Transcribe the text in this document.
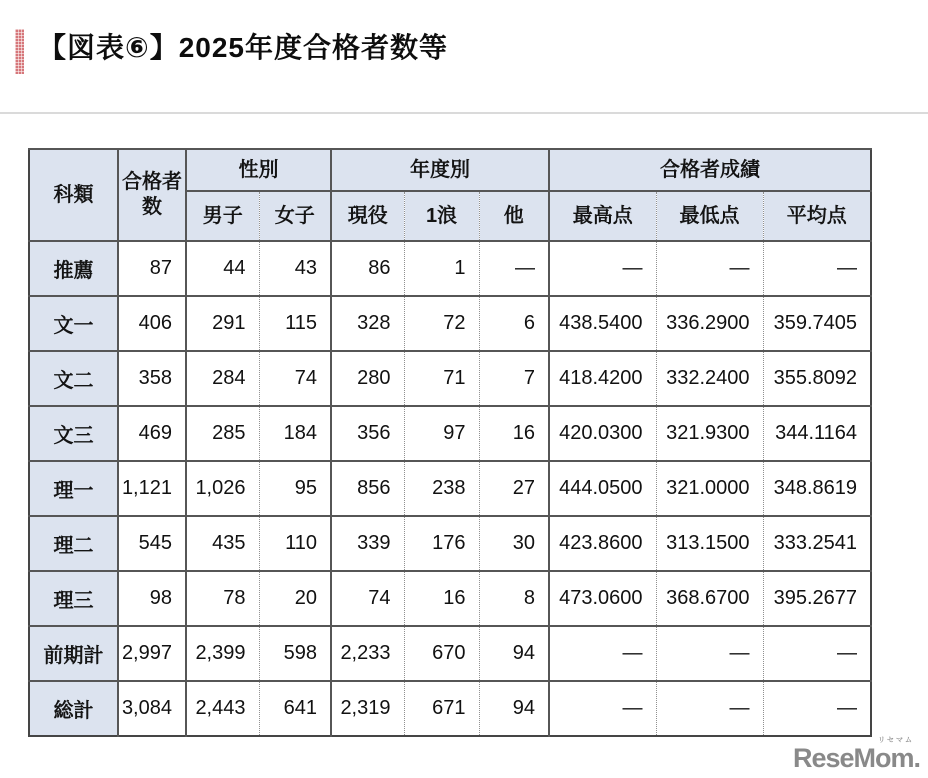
【図表⑥】2025年度合格者数等
科類	合格者数	性別		年度別			合格者成績		
		男子	女子	現役	1浪	他	最高点	最低点	平均点
推薦	87	44	43	86	1	—	—	—	—
文一	406	291	115	328	72	6	438.5400	336.2900	359.7405
文二	358	284	74	280	71	7	418.4200	332.2400	355.8092
文三	469	285	184	356	97	16	420.0300	321.9300	344.1164
理一	1,121	1,026	95	856	238	27	444.0500	321.0000	348.8619
理二	545	435	110	339	176	30	423.8600	313.1500	333.2541
理三	98	78	20	74	16	8	473.0600	368.6700	395.2677
前期計	2,997	2,399	598	2,233	670	94	—	—	—
総計	3,084	2,443	641	2,319	671	94	—	—	—
リセマム
ReseMom.
